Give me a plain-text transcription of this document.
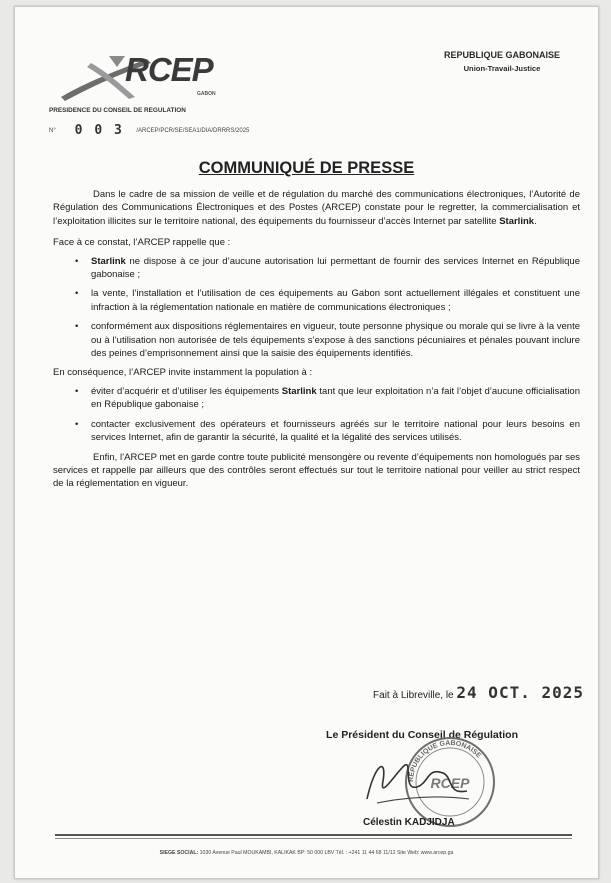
RCEP
GABON
PRESIDENCE DU CONSEIL DE REGULATION
REPUBLIQUE GABONAISE
Union-Travail-Justice
N° 0 0 3 /ARCEP/PCR/SE/SEA1/DIA/DRRRS/2025
COMMUNIQUÉ DE PRESSE

Dans le cadre de sa mission de veille et de régulation du marché des communications électroniques, l’Autorité de Régulation des Communications Électroniques et des Postes (ARCEP) constate pour le regretter, la commercialisation et l’exploitation illicites sur le territoire national, des équipements du fournisseur d’accès Internet par satellite Starlink.

Face à ce constat, l’ARCEP rappelle que :

• Starlink ne dispose à ce jour d’aucune autorisation lui permettant de fournir des services Internet en République gabonaise ;
• la vente, l’installation et l’utilisation de ces équipements au Gabon sont actuellement illégales et constituent une infraction à la réglementation nationale en matière de communications électroniques ;
• conformément aux dispositions réglementaires en vigueur, toute personne physique ou morale qui se livre à la vente ou à l’utilisation non autorisée de tels équipements s’expose à des sanctions pécuniaires et pénales pouvant inclure des peines d’emprisonnement ainsi que la saisie des équipements identifiés.

En conséquence, l’ARCEP invite instamment la population à :

• éviter d’acquérir et d’utiliser les équipements Starlink tant que leur exploitation n’a fait l’objet d’aucune officialisation en République gabonaise ;
• contacter exclusivement des opérateurs et fournisseurs agréés sur le territoire national pour leurs besoins en services Internet, afin de garantir la sécurité, la qualité et la légalité des services utilisés.

Enfin, l’ARCEP met en garde contre toute publicité mensongère ou revente d’équipements non homologués par ses services et rappelle par ailleurs que des contrôles seront effectués sur tout le territoire national pour veiller au strict respect de la réglementation en vigueur.

Fait à Libreville, le 24 OCT. 2025
Le Président du Conseil de Régulation
REPUBLIQUE GABONAISE
RCEP
Célestin KADJIDJA
SIEGE SOCIAL: 1030 Avenue Paul MOUKAMBI, KALIKAK BP: 50 000 LBV Tél. : +241 11 44 68 11/12 Site Web: www.arcep.ga
